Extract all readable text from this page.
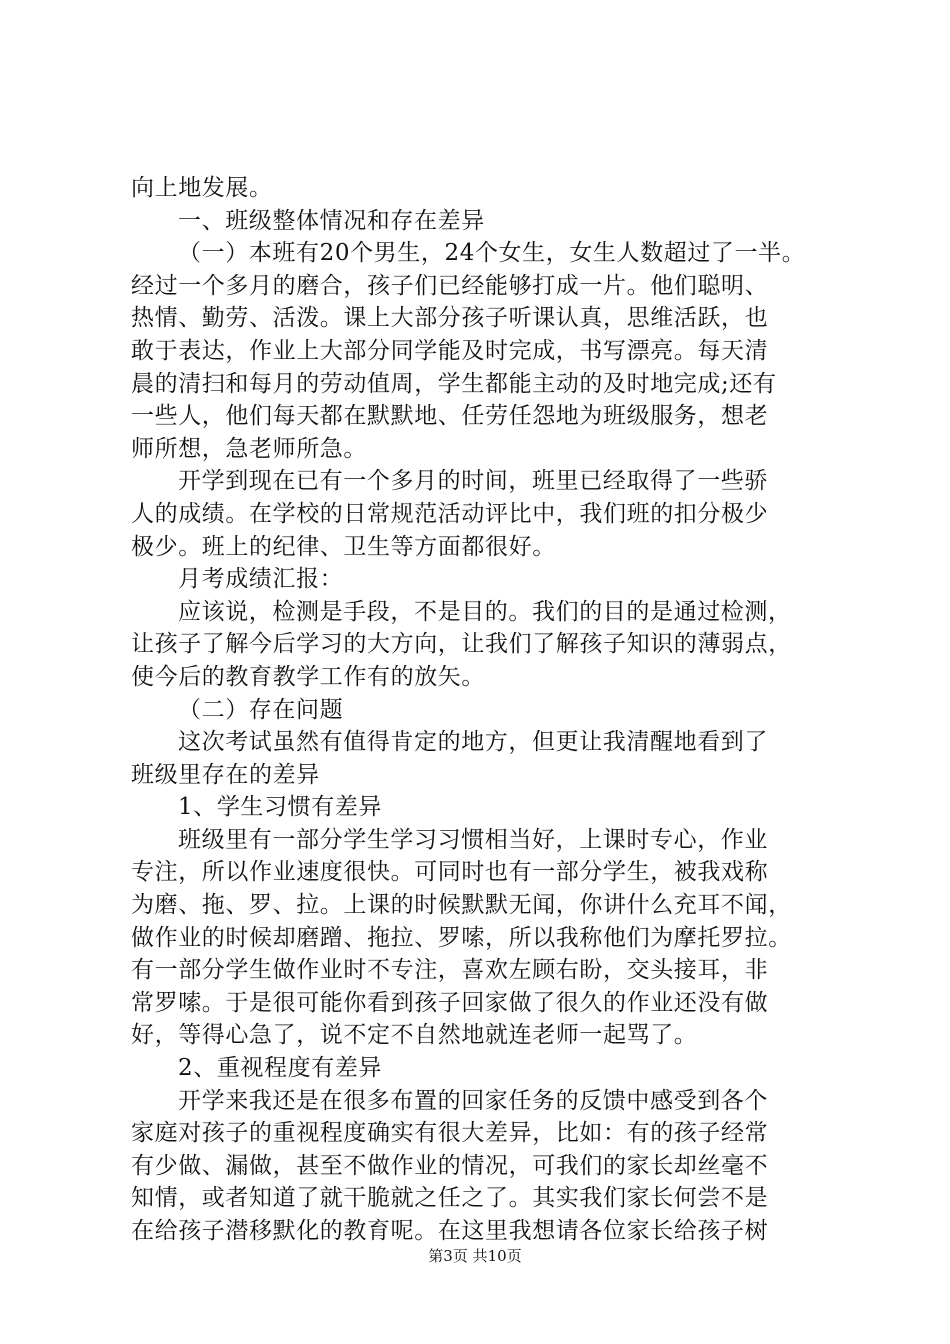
向上地发展。
一、班级整体情况和存在差异
（一）本班有20个男生，24个女生，女生人数超过了一半。
经过一个多月的磨合，孩子们已经能够打成一片。他们聪明、
热情、勤劳、活泼。课上大部分孩子听课认真，思维活跃，也
敢于表达，作业上大部分同学能及时完成，书写漂亮。每天清
晨的清扫和每月的劳动值周，学生都能主动的及时地完成;还有
一些人，他们每天都在默默地、任劳任怨地为班级服务，想老
师所想，急老师所急。
开学到现在已有一个多月的时间，班里已经取得了一些骄
人的成绩。在学校的日常规范活动评比中，我们班的扣分极少
极少。班上的纪律、卫生等方面都很好。
月考成绩汇报：
应该说，检测是手段，不是目的。我们的目的是通过检测，
让孩子了解今后学习的大方向，让我们了解孩子知识的薄弱点，
使今后的教育教学工作有的放矢。
（二）存在问题
这次考试虽然有值得肯定的地方，但更让我清醒地看到了
班级里存在的差异
1、学生习惯有差异
班级里有一部分学生学习习惯相当好，上课时专心，作业
专注，所以作业速度很快。可同时也有一部分学生，被我戏称
为磨、拖、罗、拉。上课的时候默默无闻，你讲什么充耳不闻，
做作业的时候却磨蹭、拖拉、罗嗦，所以我称他们为摩托罗拉。
有一部分学生做作业时不专注，喜欢左顾右盼，交头接耳，非
常罗嗦。于是很可能你看到孩子回家做了很久的作业还没有做
好，等得心急了，说不定不自然地就连老师一起骂了。
2、重视程度有差异
开学来我还是在很多布置的回家任务的反馈中感受到各个
家庭对孩子的重视程度确实有很大差异，比如：有的孩子经常
有少做、漏做，甚至不做作业的情况，可我们的家长却丝毫不
知情，或者知道了就干脆就之任之了。其实我们家长何尝不是
在给孩子潜移默化的教育呢。在这里我想请各位家长给孩子树
第3页 共10页
